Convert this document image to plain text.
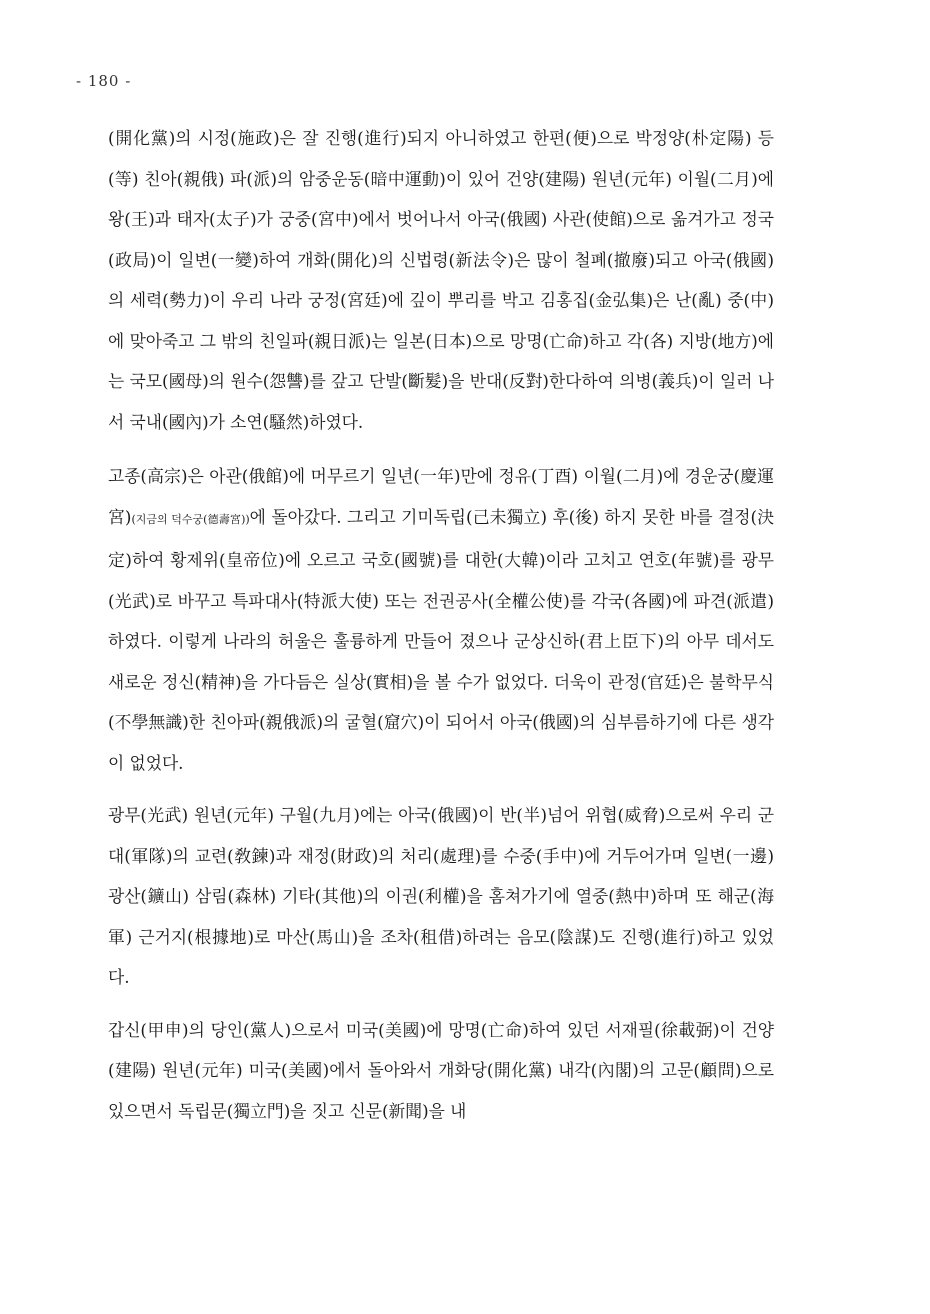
- 180 -

(開化黨)의 시정(施政)은 잘 진행(進行)되지 아니하였고 한편(便)으로 박정양(朴定陽) 등(等) 친아(親俄) 파(派)의 암중운동(暗中運動)이 있어 건양(建陽) 원년(元年) 이월(二月)에 왕(王)과 태자(太子)가 궁중(宮中)에서 벗어나서 아국(俄國) 사관(使館)으로 옮겨가고 정국(政局)이 일변(一變)하여 개화(開化)의 신법령(新法令)은 많이 철폐(撤廢)되고 아국(俄國)의 세력(勢力)이 우리 나라 궁정(宮廷)에 깊이 뿌리를 박고 김홍집(金弘集)은 난(亂) 중(中)에 맞아죽고 그 밖의 친일파(親日派)는 일본(日本)으로 망명(亡命)하고 각(各) 지방(地方)에는 국모(國母)의 원수(怨讐)를 갚고 단발(斷髮)을 반대(反對)한다하여 의병(義兵)이 일러 나서 국내(國內)가 소연(騷然)하였다.

고종(高宗)은 아관(俄館)에 머무르기 일년(一年)만에 정유(丁酉) 이월(二月)에 경운궁(慶運宮)(지금의 덕수궁(德壽宮))에 돌아갔다. 그리고 기미독립(己未獨立) 후(後) 하지 못한 바를 결정(決定)하여 황제위(皇帝位)에 오르고 국호(國號)를 대한(大韓)이라 고치고 연호(年號)를 광무(光武)로 바꾸고 특파대사(特派大使) 또는 전권공사(全權公使)를 각국(各國)에 파견(派遣)하였다. 이렇게 나라의 허울은 훌륭하게 만들어 졌으나 군상신하(君上臣下)의 아무 데서도 새로운 정신(精神)을 가다듬은 실상(實相)을 볼 수가 없었다. 더욱이 관정(官廷)은 불학무식(不學無識)한 친아파(親俄派)의 굴혈(窟穴)이 되어서 아국(俄國)의 심부름하기에 다른 생각이 없었다.

광무(光武) 원년(元年) 구월(九月)에는 아국(俄國)이 반(半)넘어 위협(威脅)으로써 우리 군대(軍隊)의 교련(敎鍊)과 재정(財政)의 처리(處理)를 수중(手中)에 거두어가며 일변(一邊) 광산(鑛山) 삼림(森林) 기타(其他)의 이권(利權)을 홈쳐가기에 열중(熱中)하며 또 해군(海軍) 근거지(根據地)로 마산(馬山)을 조차(租借)하려는 음모(陰謀)도 진행(進行)하고 있었다.

갑신(甲申)의 당인(黨人)으로서 미국(美國)에 망명(亡命)하여 있던 서재필(徐載弼)이 건양(建陽) 원년(元年) 미국(美國)에서 돌아와서 개화당(開化黨) 내각(內閣)의 고문(顧問)으로 있으면서 독립문(獨立門)을 짓고 신문(新聞)을 내
